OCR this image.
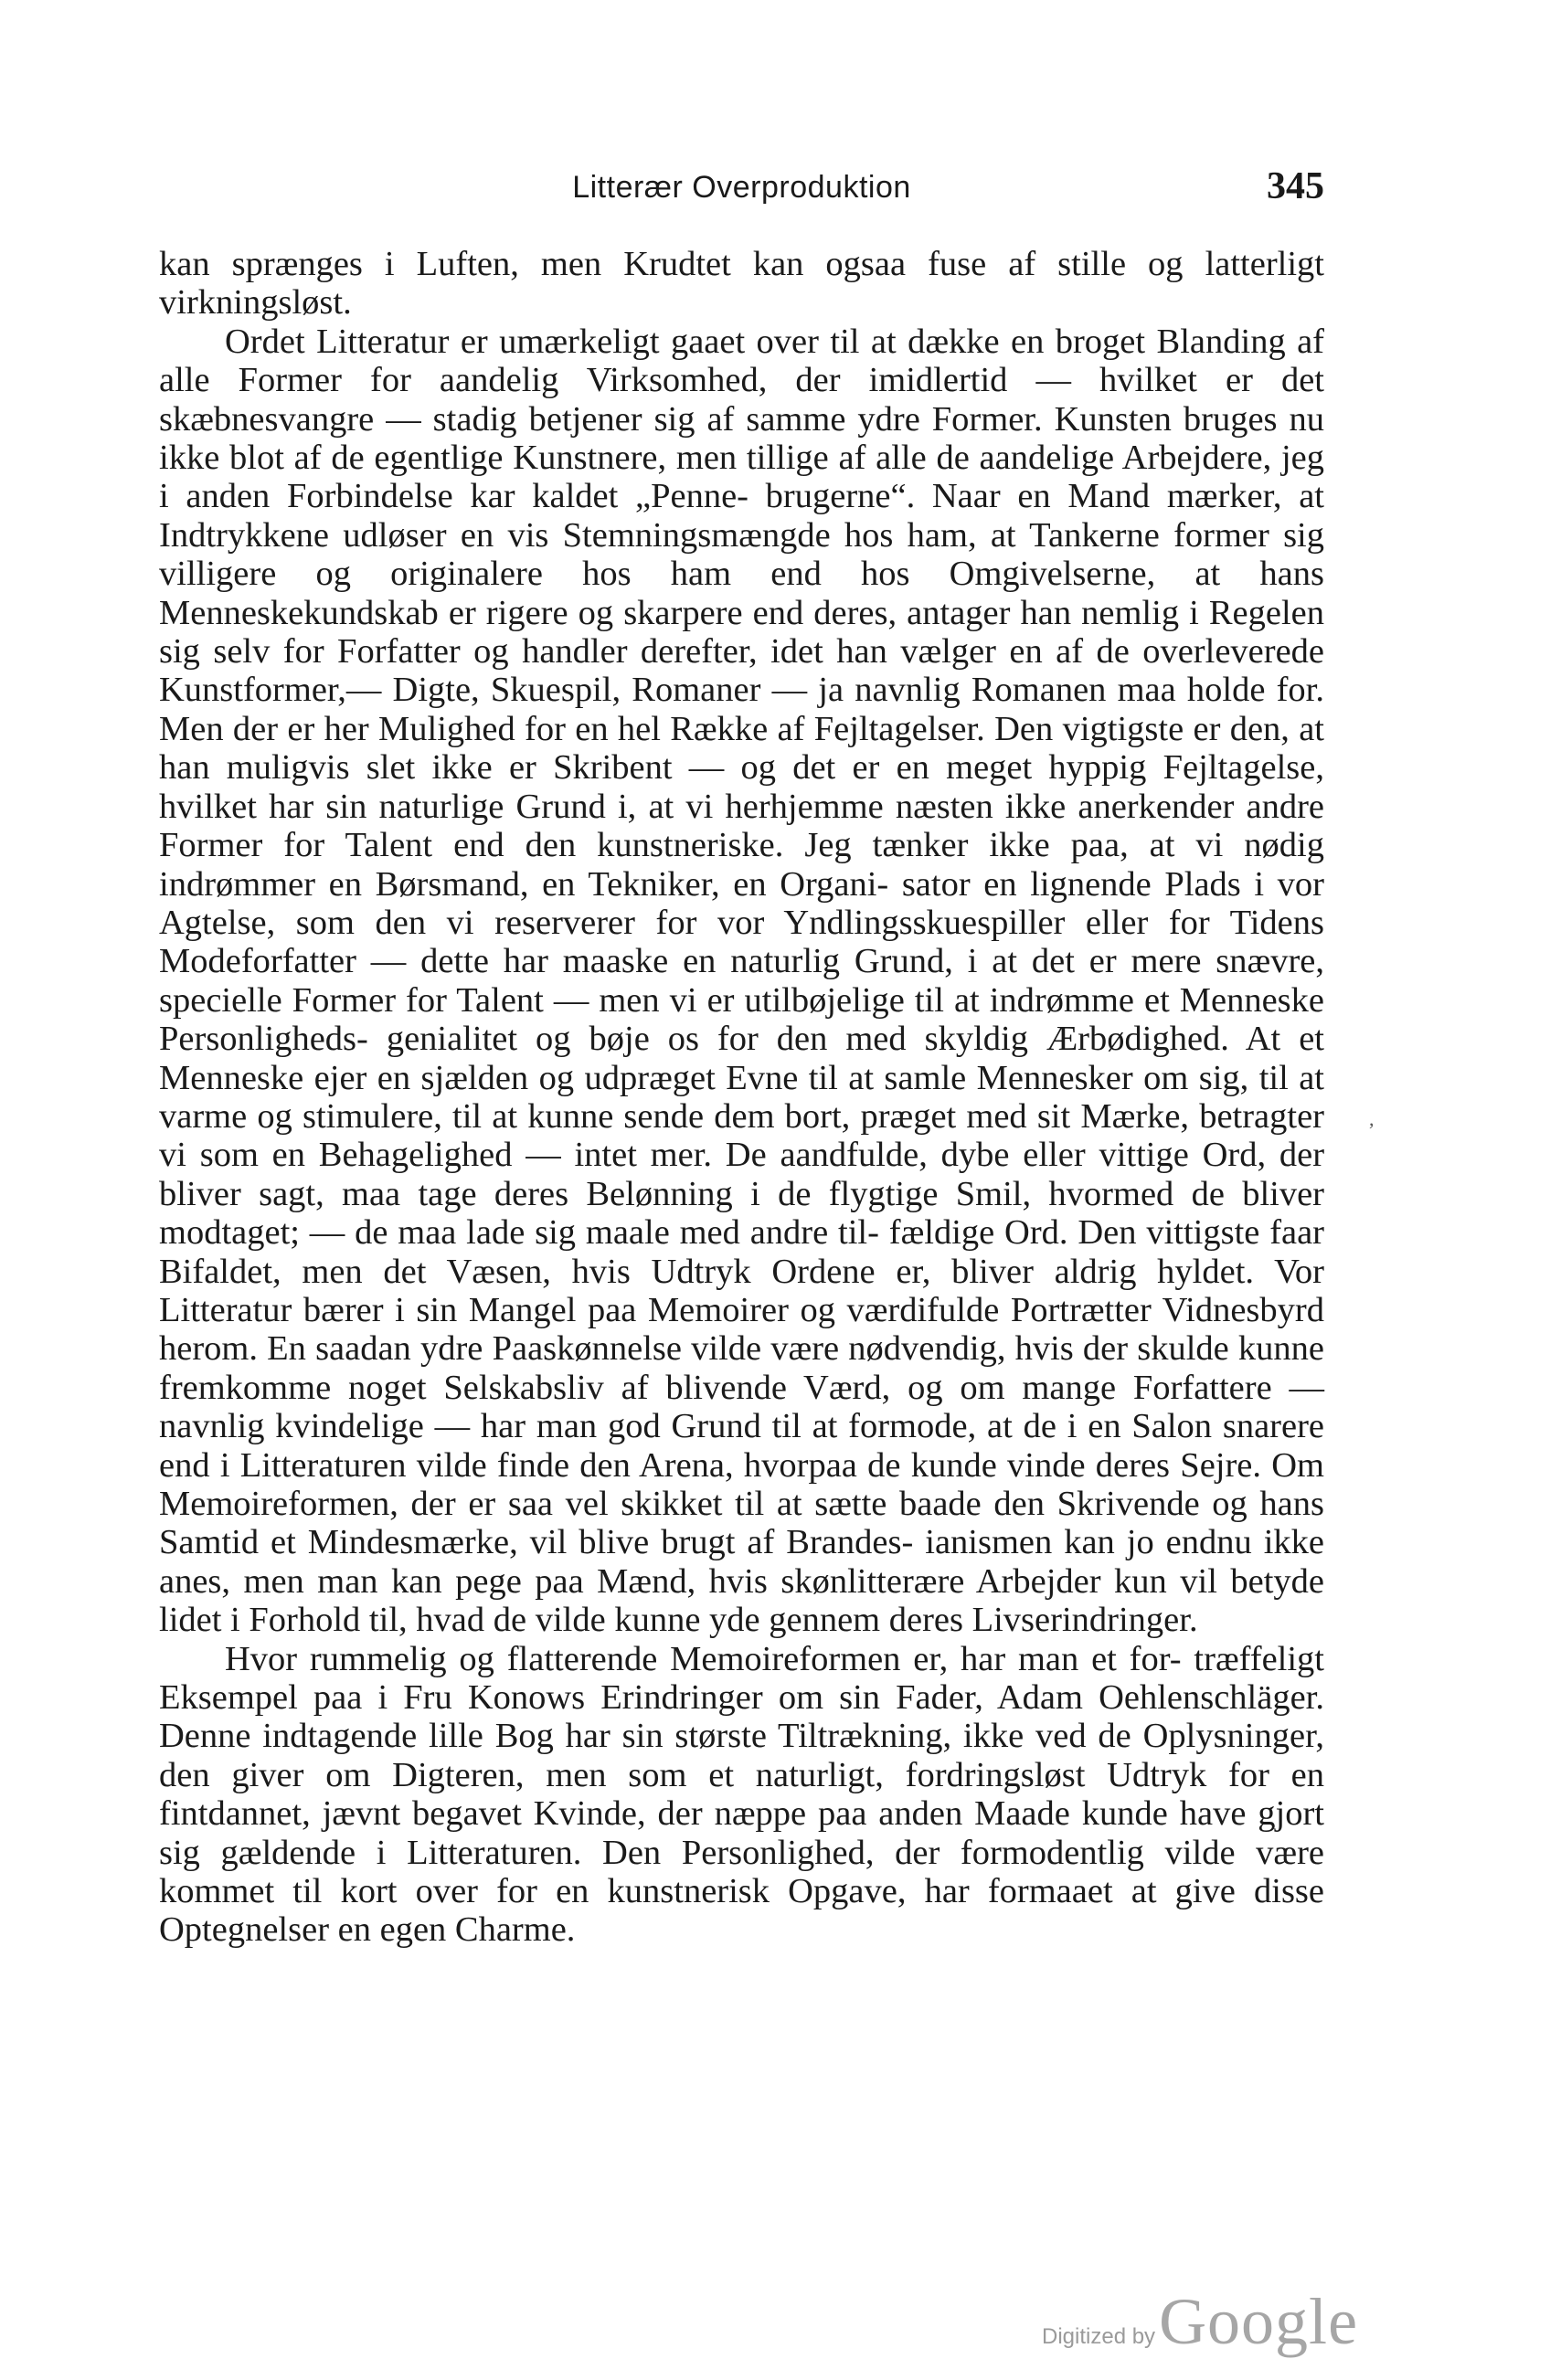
Litterær Overproduktion	345

kan sprænges i Luften, men Krudtet kan ogsaa fuse af stille og latterligt virkningsløst.

Ordet Litteratur er umærkeligt gaaet over til at dække en broget Blanding af alle Former for aandelig Virksomhed, der imidlertid — hvilket er det skæbnesvangre — stadig betjener sig af samme ydre Former. Kunsten bruges nu ikke blot af de egentlige Kunstnere, men tillige af alle de aandelige Arbejdere, jeg i anden Forbindelse kar kaldet „Penne- brugerne“. Naar en Mand mærker, at Indtrykkene udløser en vis Stemningsmængde hos ham, at Tankerne former sig villigere og originalere hos ham end hos Omgivelserne, at hans Menneskekundskab er rigere og skarpere end deres, antager han nemlig i Regelen sig selv for Forfatter og handler derefter, idet han vælger en af de overleverede Kunstformer,— Digte, Skuespil, Romaner — ja navnlig Romanen maa holde for. Men der er her Mulighed for en hel Række af Fejltagelser. Den vigtigste er den, at han muligvis slet ikke er Skribent — og det er en meget hyppig Fejltagelse, hvilket har sin naturlige Grund i, at vi herhjemme næsten ikke anerkender andre Former for Talent end den kunstneriske. Jeg tænker ikke paa, at vi nødig indrømmer en Børsmand, en Tekniker, en Organi- sator en lignende Plads i vor Agtelse, som den vi reserverer for vor Yndlingsskuespiller eller for Tidens Modeforfatter — dette har maaske en naturlig Grund, i at det er mere snævre, specielle Former for Talent — men vi er utilbøjelige til at indrømme et Menneske Personligheds- genialitet og bøje os for den med skyldig Ærbødighed. At et Menneske ejer en sjælden og udpræget Evne til at samle Mennesker om sig, til at varme og stimulere, til at kunne sende dem bort, præget med sit Mærke, betragter vi som en Behagelighed — intet mer. De aandfulde, dybe eller vittige Ord, der bliver sagt, maa tage deres Belønning i de flygtige Smil, hvormed de bliver modtaget; — de maa lade sig maale med andre til- fældige Ord. Den vittigste faar Bifaldet, men det Væsen, hvis Udtryk Ordene er, bliver aldrig hyldet. Vor Litteratur bærer i sin Mangel paa Memoirer og værdifulde Portrætter Vidnesbyrd herom. En saadan ydre Paaskønnelse vilde være nødvendig, hvis der skulde kunne fremkomme noget Selskabsliv af blivende Værd, og om mange Forfattere — navnlig kvindelige — har man god Grund til at formode, at de i en Salon snarere end i Litteraturen vilde finde den Arena, hvorpaa de kunde vinde deres Sejre. Om Memoireformen, der er saa vel skikket til at sætte baade den Skrivende og hans Samtid et Mindesmærke, vil blive brugt af Brandes- ianismen kan jo endnu ikke anes, men man kan pege paa Mænd, hvis skønlitterære Arbejder kun vil betyde lidet i Forhold til, hvad de vilde kunne yde gennem deres Livserindringer.

Hvor rummelig og flatterende Memoireformen er, har man et for- træffeligt Eksempel paa i Fru Konows Erindringer om sin Fader, Adam Oehlenschläger. Denne indtagende lille Bog har sin største Tiltrækning, ikke ved de Oplysninger, den giver om Digteren, men som et naturligt, fordringsløst Udtryk for en fintdannet, jævnt begavet Kvinde, der næppe paa anden Maade kunde have gjort sig gældende i Litteraturen. Den Personlighed, der formodentlig vilde være kommet til kort over for en kunstnerisk Opgave, har formaaet at give disse Optegnelser en egen Charme.

,
Digitized by Google
